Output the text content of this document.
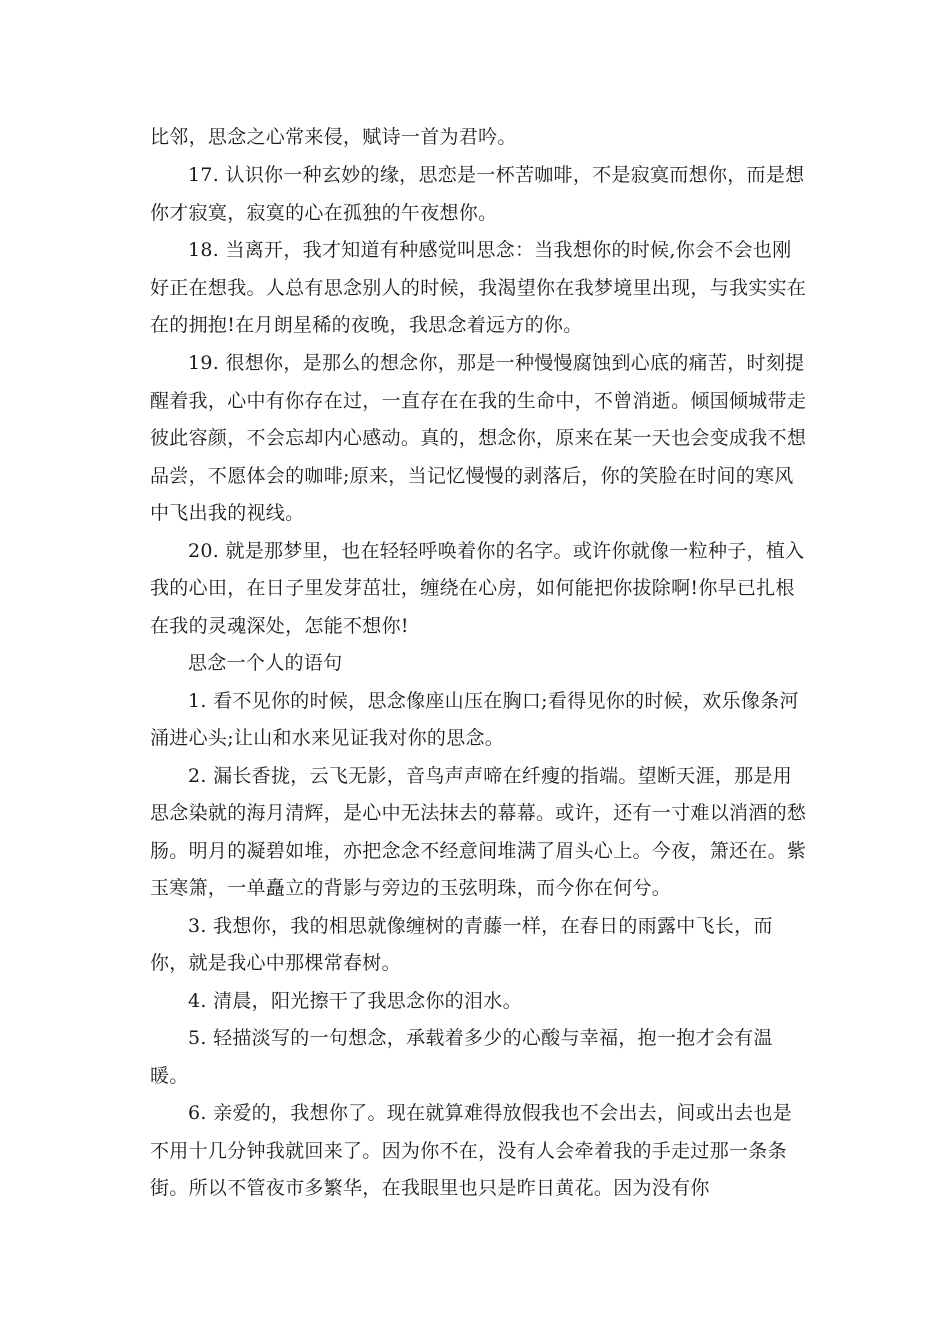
比邻，思念之心常来侵，赋诗一首为君吟。
17. 认识你一种玄妙的缘，思恋是一杯苦咖啡，不是寂寞而想你，而是想
你才寂寞，寂寞的心在孤独的午夜想你。
18. 当离开，我才知道有种感觉叫思念：当我想你的时候,你会不会也刚
好正在想我。人总有思念别人的时候，我渴望你在我梦境里出现，与我实实在
在的拥抱!在月朗星稀的夜晚，我思念着远方的你。
19. 很想你，是那么的想念你，那是一种慢慢腐蚀到心底的痛苦，时刻提
醒着我，心中有你存在过，一直存在在我的生命中，不曾消逝。倾国倾城带走
彼此容颜，不会忘却内心感动。真的，想念你，原来在某一天也会变成我不想
品尝，不愿体会的咖啡;原来，当记忆慢慢的剥落后，你的笑脸在时间的寒风
中飞出我的视线。
20. 就是那梦里，也在轻轻呼唤着你的名字。或许你就像一粒种子，植入
我的心田，在日子里发芽茁壮，缠绕在心房，如何能把你拔除啊!你早已扎根
在我的灵魂深处，怎能不想你!
思念一个人的语句
1. 看不见你的时候，思念像座山压在胸口;看得见你的时候，欢乐像条河
涌进心头;让山和水来见证我对你的思念。
2. 漏长香拢，云飞无影，音鸟声声啼在纤瘦的指端。望断天涯，那是用
思念染就的海月清辉，是心中无法抹去的幕幕。或许，还有一寸难以消酒的愁
肠。明月的凝碧如堆，亦把念念不经意间堆满了眉头心上。今夜，箫还在。紫
玉寒箫，一单矗立的背影与旁边的玉弦明珠，而今你在何兮。
3. 我想你，我的相思就像缠树的青藤一样，在春日的雨露中飞长，而
你，就是我心中那棵常春树。
4. 清晨，阳光擦干了我思念你的泪水。
5. 轻描淡写的一句想念，承载着多少的心酸与幸福，抱一抱才会有温
暖。
6. 亲爱的，我想你了。现在就算难得放假我也不会出去，间或出去也是
不用十几分钟我就回来了。因为你不在，没有人会牵着我的手走过那一条条
街。所以不管夜市多繁华，在我眼里也只是昨日黄花。因为没有你
